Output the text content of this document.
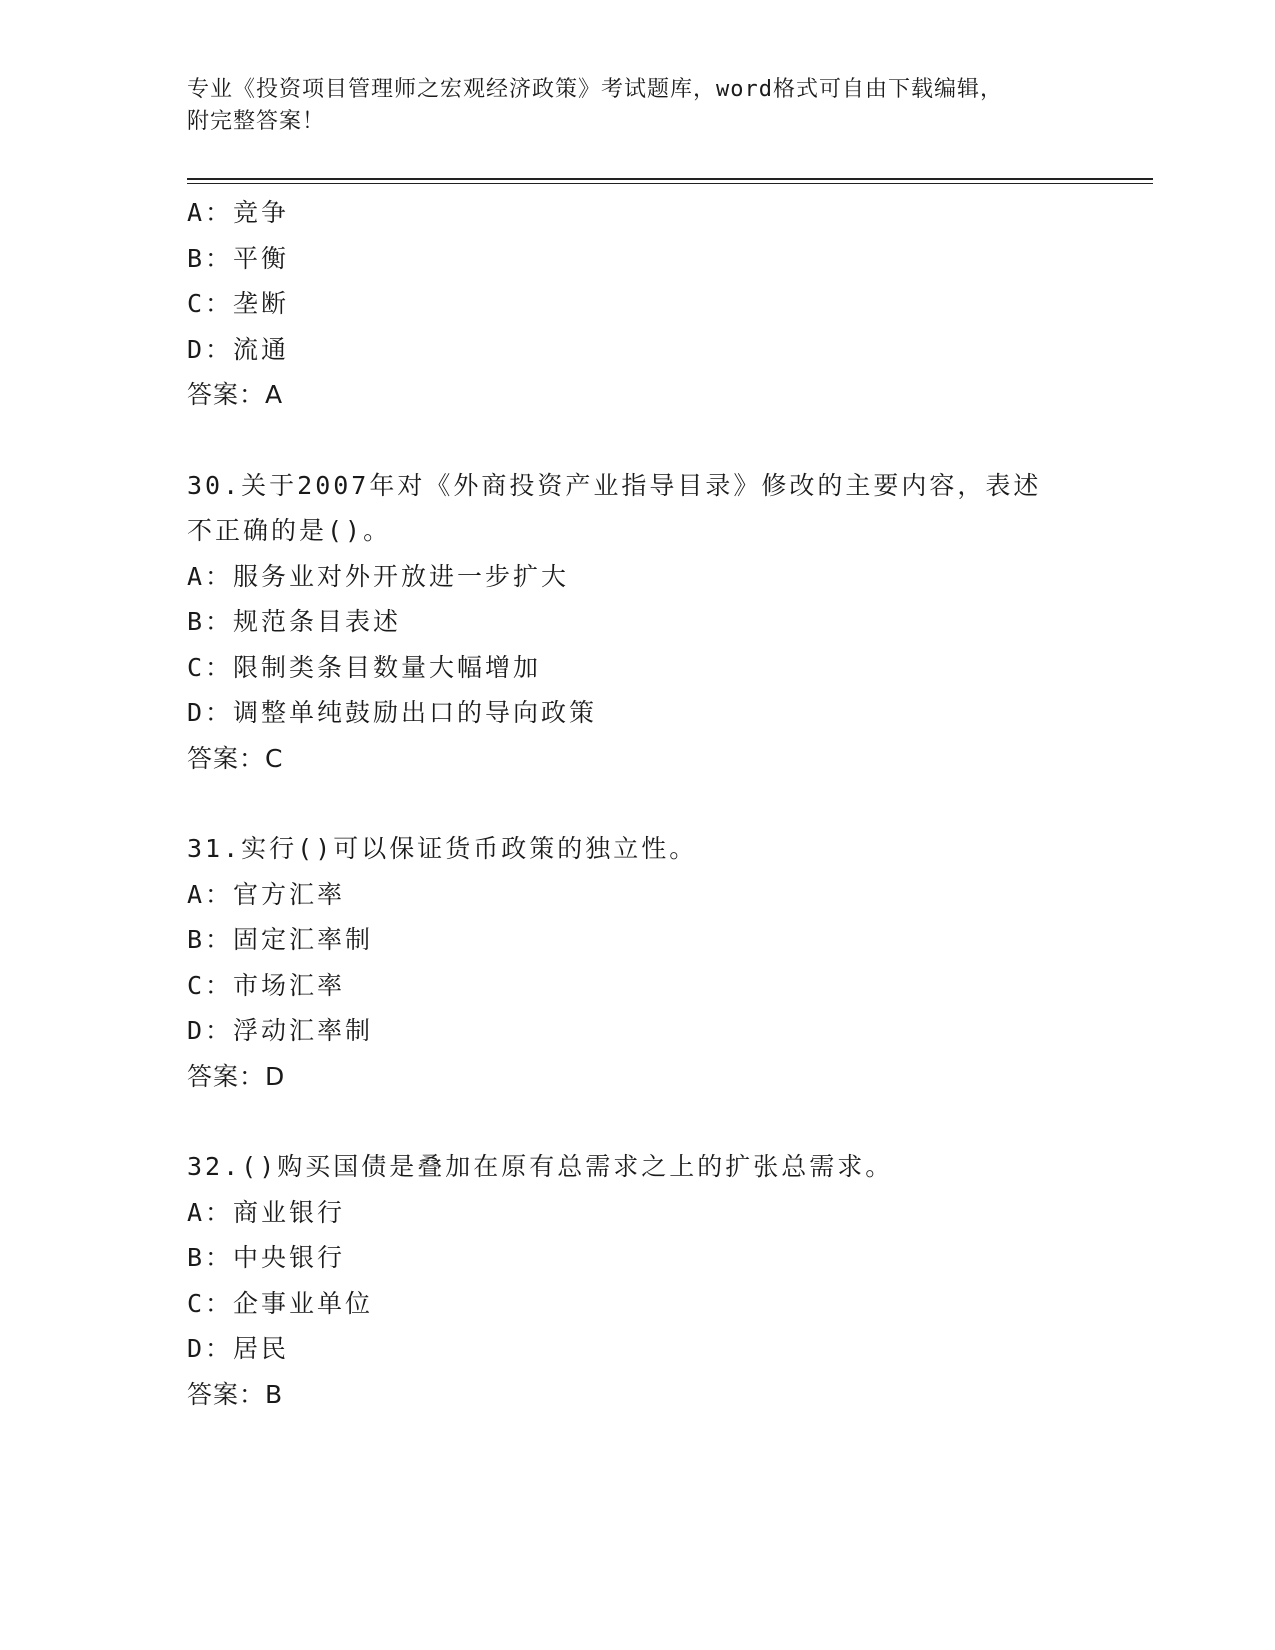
专业《投资项目管理师之宏观经济政策》考试题库，word格式可自由下载编辑，
附完整答案！
A：竞争
B：平衡
C：垄断
D：流通
答案：A
30.关于2007年对《外商投资产业指导目录》修改的主要内容，表述
不正确的是()。
A：服务业对外开放进一步扩大
B：规范条目表述
C：限制类条目数量大幅增加
D：调整单纯鼓励出口的导向政策
答案：C
31.实行()可以保证货币政策的独立性。
A：官方汇率
B：固定汇率制
C：市场汇率
D：浮动汇率制
答案：D
32.()购买国债是叠加在原有总需求之上的扩张总需求。
A：商业银行
B：中央银行
C：企事业单位
D：居民
答案：B
